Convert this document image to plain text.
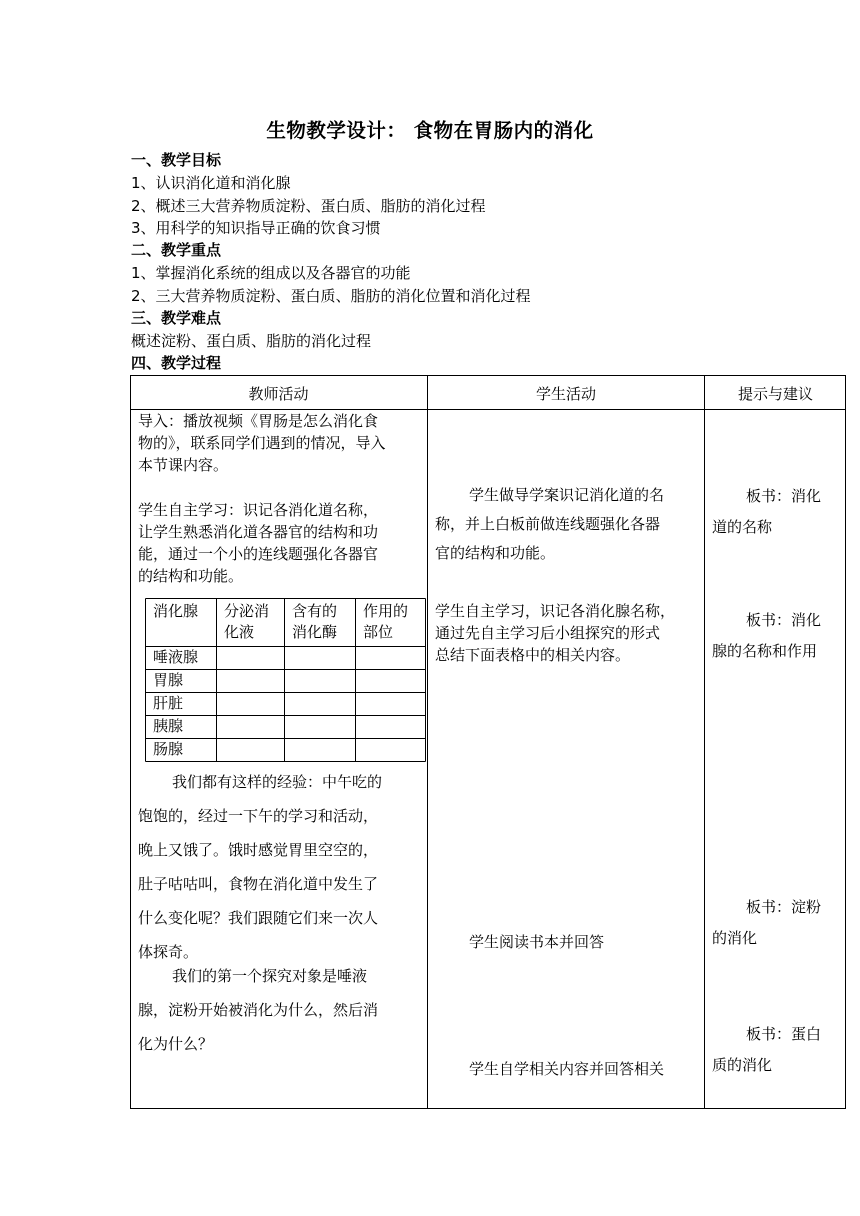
生物教学设计： 食物在胃肠内的消化
一、教学目标
1、认识消化道和消化腺
2、概述三大营养物质淀粉、蛋白质、脂肪的消化过程
3、用科学的知识指导正确的饮食习惯
二、教学重点
1、掌握消化系统的组成以及各器官的功能
2、三大营养物质淀粉、蛋白质、脂肪的消化位置和消化过程
三、教学难点
概述淀粉、蛋白质、脂肪的消化过程
四、教学过程
教师活动	学生活动	提示与建议
导入：播放视频《胃肠是怎么消化食
物的》，联系同学们遇到的情况，导入
本节课内容。
学生自主学习：识记各消化道名称，
让学生熟悉消化道各器官的结构和功
能，通过一个小的连线题强化各器官
的结构和功能。
我们都有这样的经验：中午吃的
饱饱的，经过一下午的学习和活动，
晚上又饿了。饿时感觉胃里空空的，
肚子咕咕叫，食物在消化道中发生了
什么变化呢？我们跟随它们来一次人
体探奇。
我们的第一个探究对象是唾液
腺，淀粉开始被消化为什么，然后消
化为什么？
学生做导学案识记消化道的名
称，并上白板前做连线题强化各器
官的结构和功能。
学生自主学习，识记各消化腺名称，
通过先自主学习后小组探究的形式
总结下面表格中的相关内容。
学生阅读书本并回答
学生自学相关内容并回答相关
板书：消化
道的名称
板书：消化
腺的名称和作用
板书：淀粉
的消化
板书：蛋白
质的消化
消化腺 分泌消
化液
含有的
消化酶
作用的
部位
唾液腺
胃腺
肝脏
胰腺
肠腺
